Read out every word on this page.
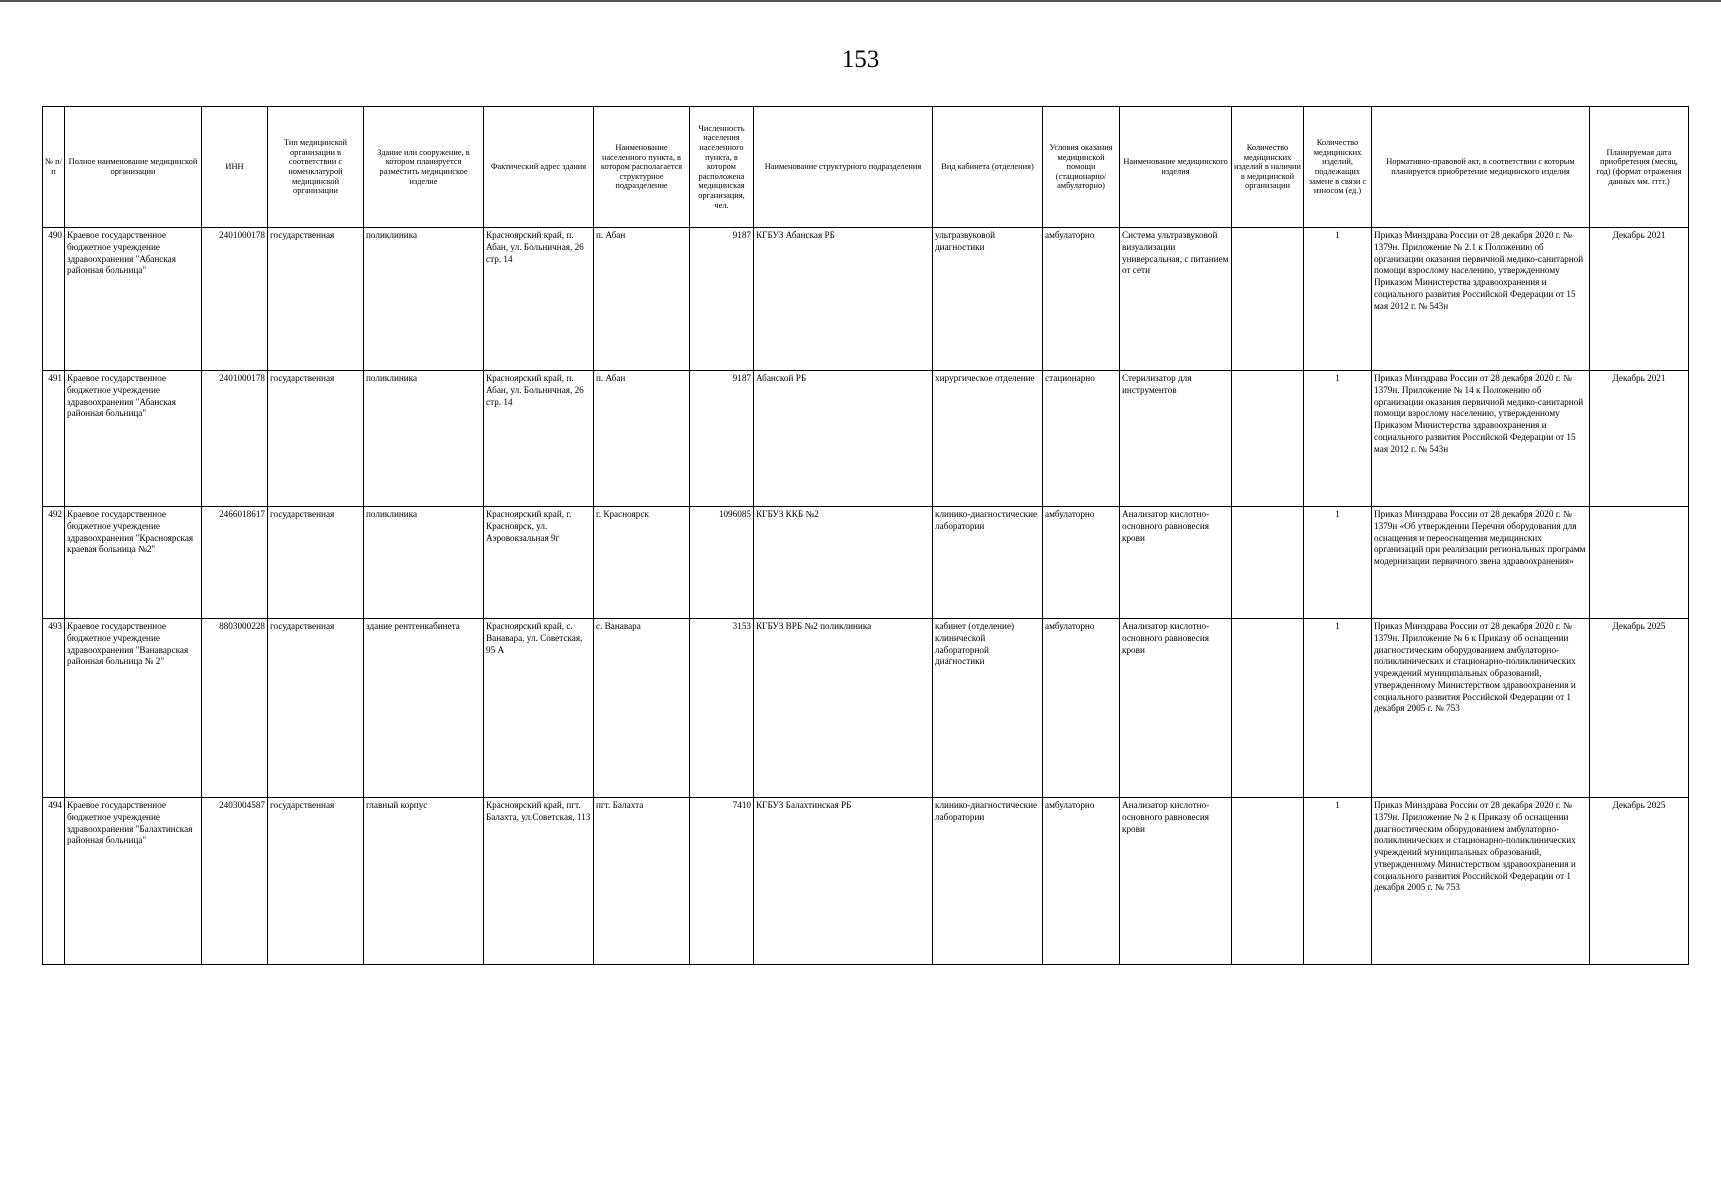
153
№ п/п	Полное наименование медицинской организации	ИНН	Тип медицинской организации в соответствии с номенклатурой медицинской организации	Здание или сооружение, в котором планируется разместить медицинское изделие	Фактический адрес здания	Наименование населенного пункта, в котором располагается структурное подразделение	Численность населения населенного пункта, в котором расположена медицинская организация, чел.	Наименование структурного подразделения	Вид кабинета (отделения)	Условия оказания медицинской помощи (стационарно/ амбулаторно)	Наименование медицинского изделия	Количество медицинских изделий в наличии в медицинской организации	Количество медицинских изделий, подлежащих замене в связи с износом (ед.)	Нормативно-правовой акт, в соответствии с которым планируется приобретение медицинского изделия	Планируемая дата приобретения (месяц, год) (формат отражения данных мм. гггг.)
490	Краевое государственное бюджетное учреждение здравоохранения "Абанская районная больница"	2401000178	государственная	поликлиника	Красноярский край, п. Абан, ул. Больничная, 26 стр. 14	п. Абан	9187	КГБУЗ Абанская РБ	ультразвуковой диагностики	амбулаторно	Система ультразвуковой визуализации универсальная, с питанием от сети		1	Приказ Минздрава России от 28 декабря 2020 г. № 1379н. Приложение № 2.1 к Положению об организации оказания первичной медико-санитарной помощи взрослому населению, утвержденному Приказом Министерства здравоохранения и социального развития Российской Федерации от 15 мая 2012 г. № 543н	Декабрь 2021
491	Краевое государственное бюджетное учреждение здравоохранения "Абанская районная больница"	2401000178	государственная	поликлиника	Красноярский край, п. Абан, ул. Больничная, 26 стр. 14	п. Абан	9187	Абанской РБ	хирургическое отделение	стационарно	Стерилизатор для инструментов		1	Приказ Минздрава России от 28 декабря 2020 г. № 1379н. Приложение № 14 к Положению об организации оказания первичной медико-санитарной помощи взрослому населению, утвержденному Приказом Министерства здравоохранения и социального развития Российской Федерации от 15 мая 2012 г. № 543н	Декабрь 2021
492	Краевое государственное бюджетное учреждение здравоохранения "Красноярская краевая больница №2"	2466018617	государственная	поликлиника	Красноярский край, г. Красноярск, ул. Аэровокзальная 9г	г. Красноярск	1096085	КГБУЗ ККБ №2	клинико-диагностические лаборатории	амбулаторно	Анализатор кислотно-основного равновесия крови		1	Приказ Минздрава России от 28 декабря 2020 г. № 1379н «Об утверждении Перечня оборудования для оснащения и переоснащения медицинских организаций при реализации региональных программ модернизации первичного звена здравоохранения»	
493	Краевое государственное бюджетное учреждение здравоохранения "Ванаварская районная больница № 2"	8803000228	государственная	здание рентгенкабинета	Красноярский край, с. Ванавара, ул. Советская, 95 А	с. Ванавара	3153	КГБУЗ ВРБ №2 поликлиника	кабинет (отделение) клинической лабораторной диагностики	амбулаторно	Анализатор кислотно-основного равновесия крови		1	Приказ Минздрава России от 28 декабря 2020 г. № 1379н. Приложение № 6 к Приказу об оснащении диагностическим оборудованием амбулаторно-поликлинических и стационарно-поликлинических учреждений муниципальных образований, утвержденному Министерством здравоохранения и социального развития Российской Федерации от 1 декабря 2005 г. № 753	Декабрь 2025
494	Краевое государственное бюджетное учреждение здравоохранения "Балахтинская районная больница"	2403004587	государственная	главный корпус	Красноярский край, пгт. Балахта, ул.Советская, 113	пгт. Балахта	7410	КГБУЗ Балахтинская РБ	клинико-диагностические лаборатории	амбулаторно	Анализатор кислотно-основного равновесия крови		1	Приказ Минздрава России от 28 декабря 2020 г. № 1379н. Приложение № 2 к Приказу об оснащении диагностическим оборудованием амбулаторно-поликлинических и стационарно-поликлинических учреждений муниципальных образований, утвержденному Министерством здравоохранения и социального развития Российской Федерации от 1 декабря 2005 г. № 753	Декабрь 2025
